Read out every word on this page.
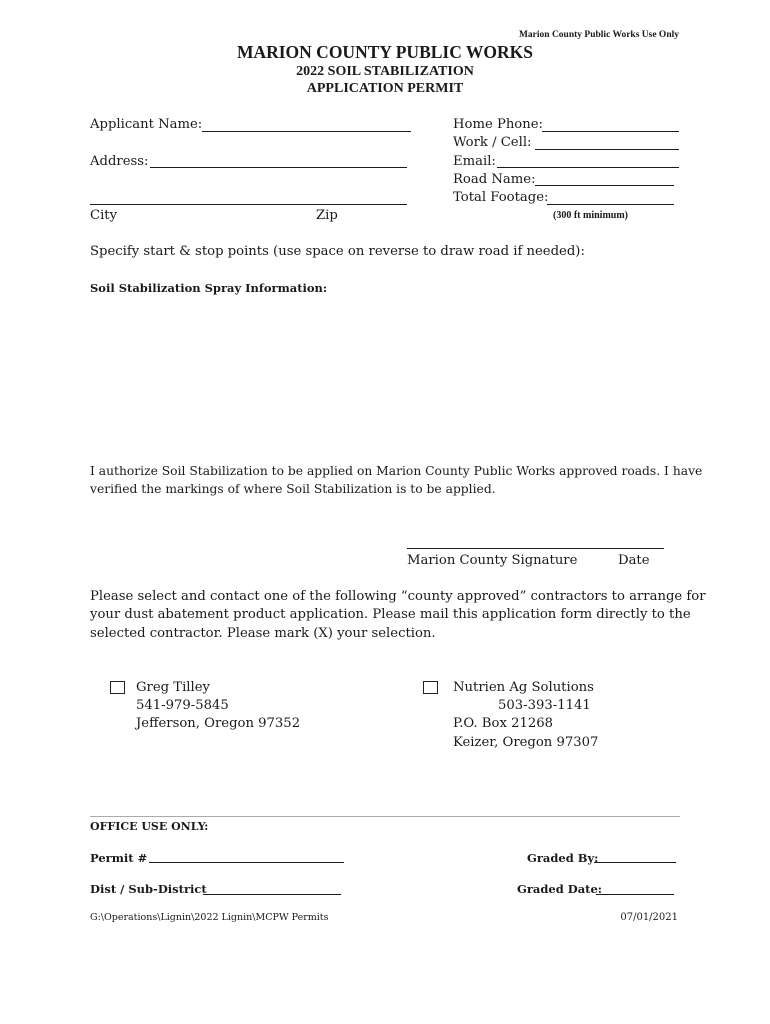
Marion County Public Works Use Only
MARION COUNTY PUBLIC WORKS
2022 SOIL STABILIZATION
APPLICATION PERMIT
Applicant Name:
Address:
City	Zip
Home Phone:
Work / Cell:
Email:
Road Name:
Total Footage:
(300 ft minimum)
Specify start & stop points (use space on reverse to draw road if needed):
Soil Stabilization Spray Information:
I authorize Soil Stabilization to be applied on Marion County Public Works approved roads. I have
verified the markings of where Soil Stabilization is to be applied.
Marion County Signature	Date
Please select and contact one of the following “county approved” contractors to arrange for
your dust abatement product application. Please mail this application form directly to the
selected contractor. Please mark (X) your selection.
Greg Tilley
541-979-5845
Jefferson, Oregon 97352
Nutrien Ag Solutions
503-393-1141
P.O. Box 21268
Keizer, Oregon 97307
OFFICE USE ONLY:
Permit #	Graded By:
Dist / Sub-District	Graded Date:
G:\Operations\Lignin\2022 Lignin\MCPW Permits	07/01/2021
